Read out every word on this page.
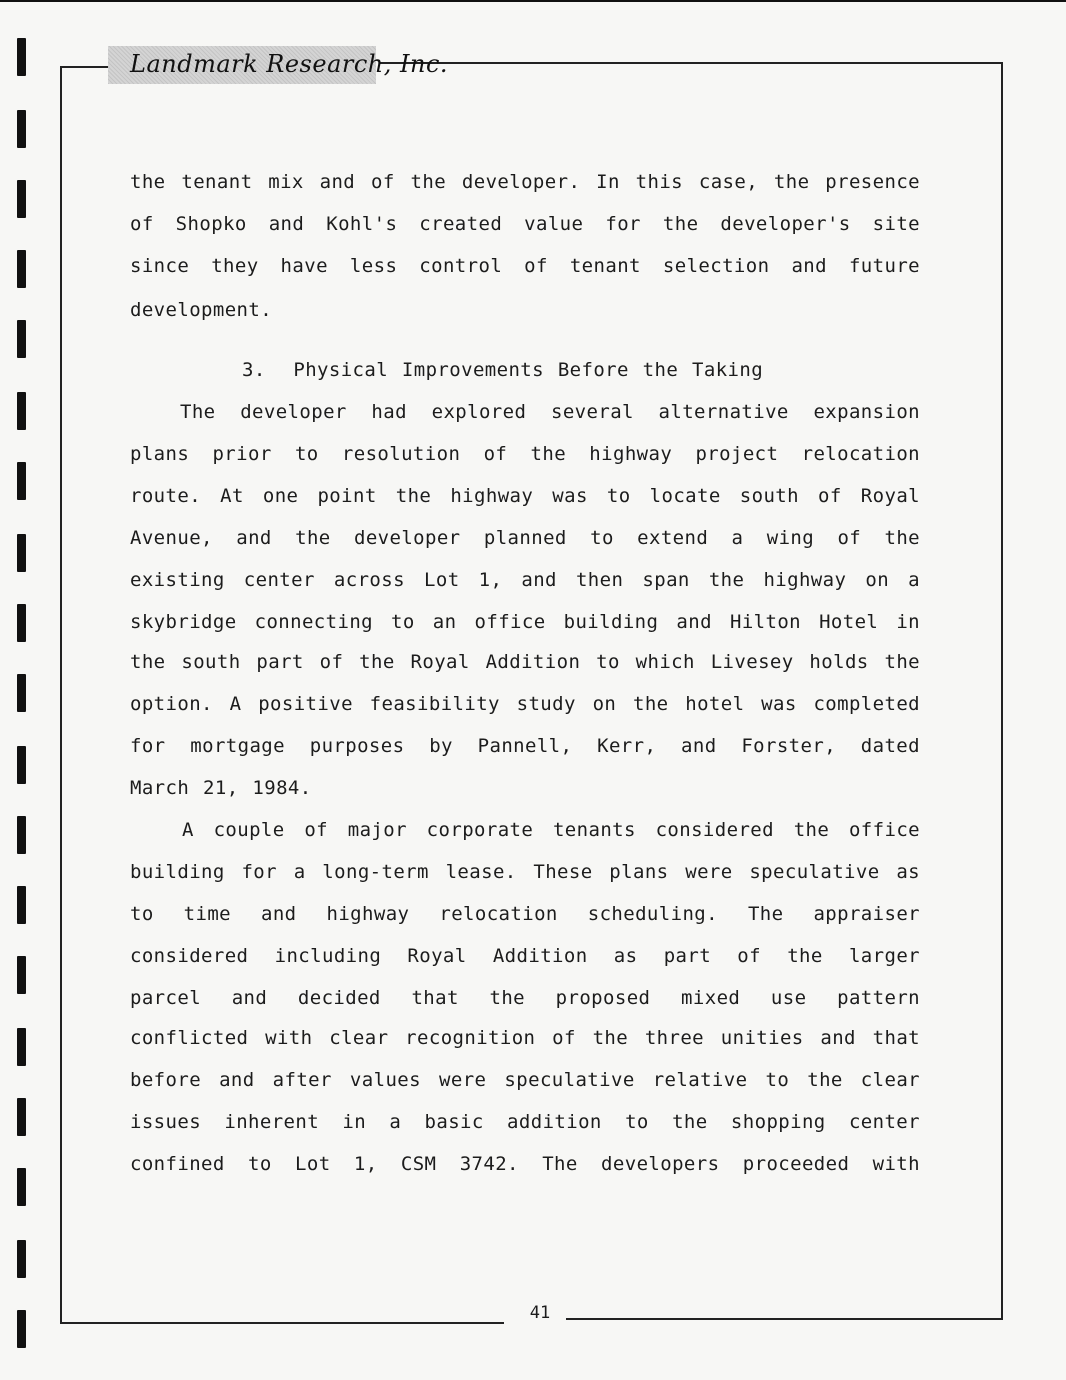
Landmark Research, Inc.
the tenant mix and of the developer. In this case, the presence
of Shopko and Kohl's created value for the developer's site
since they have less control of tenant selection and future
development.
3.  Physical Improvements Before the Taking
The developer had explored several alternative expansion
plans prior to resolution of the highway project relocation
route. At one point the highway was to locate south of Royal
Avenue, and the developer planned to extend a wing of the
existing center across Lot 1, and then span the highway on a
skybridge connecting to an office building and Hilton Hotel in
the south part of the Royal Addition to which Livesey holds the
option. A positive feasibility study on the hotel was completed
for mortgage purposes by Pannell, Kerr, and Forster, dated
March 21, 1984.
A couple of major corporate tenants considered the office
building for a long-term lease. These plans were speculative as
to time and highway relocation scheduling. The appraiser
considered including Royal Addition as part of the larger
parcel and decided that the proposed mixed use pattern
conflicted with clear recognition of the three unities and that
before and after values were speculative relative to the clear
issues inherent in a basic addition to the shopping center
confined to Lot 1, CSM 3742. The developers proceeded with
41
